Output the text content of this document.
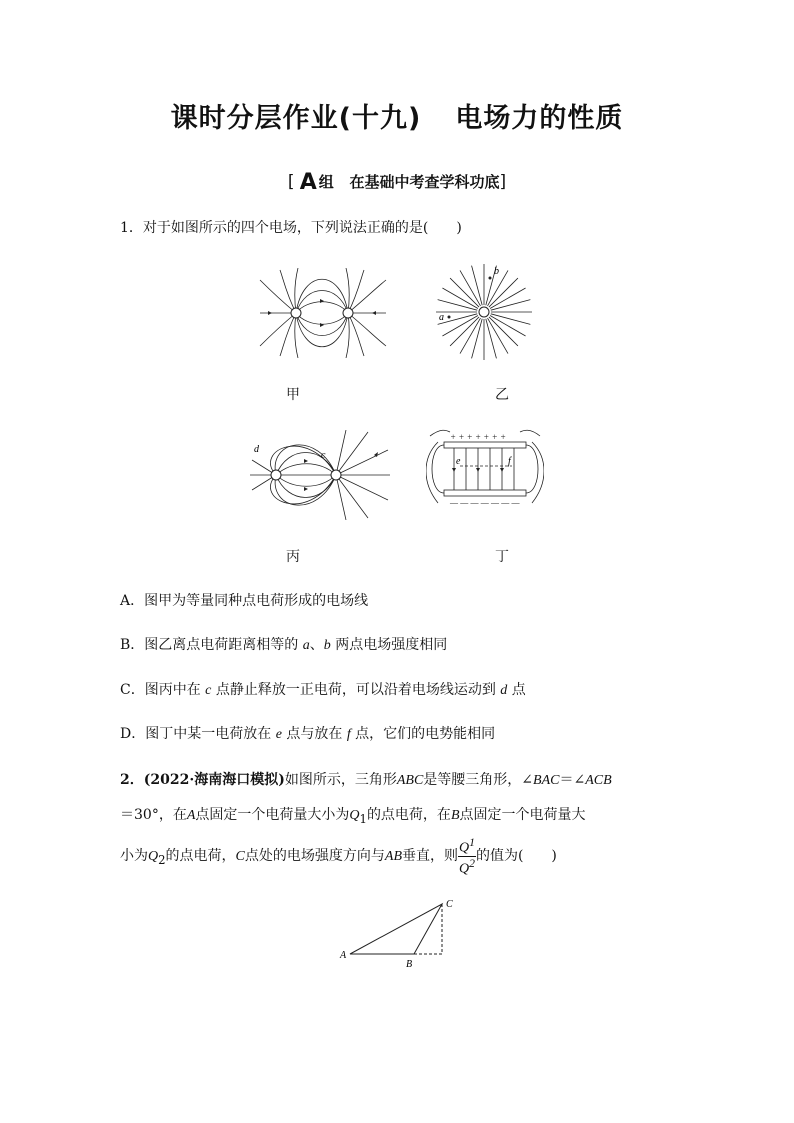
课时分层作业(十九) 电场力的性质
[ A 组 在基础中考查学科功底]
1．对于如图所示的四个电场，下列说法正确的是(　　)
甲
a
b
乙
d
c
丙
+ + + + + + +
— — — — — — —
e	f
丁
A．图甲为等量同种点电荷形成的电场线
B．图乙离点电荷距离相等的 a、b 两点电场强度相同
C．图丙中在 c 点静止释放一正电荷，可以沿着电场线运动到 d 点
D．图丁中某一电荷放在 e 点与放在 f 点，它们的电势能相同
2．(2022·海南海口模拟)如图所示，三角形ABC是等腰三角形，∠BAC＝∠ACB
＝30°，在A点固定一个电荷量大小为$Q_1$的点电荷，在B点固定一个电荷量大
小为$Q_2$的点电荷，C点处的电场强度方向与AB垂直，则 $\frac{Q^1}{Q^2}$ 的值为(　　)
A
B
C
